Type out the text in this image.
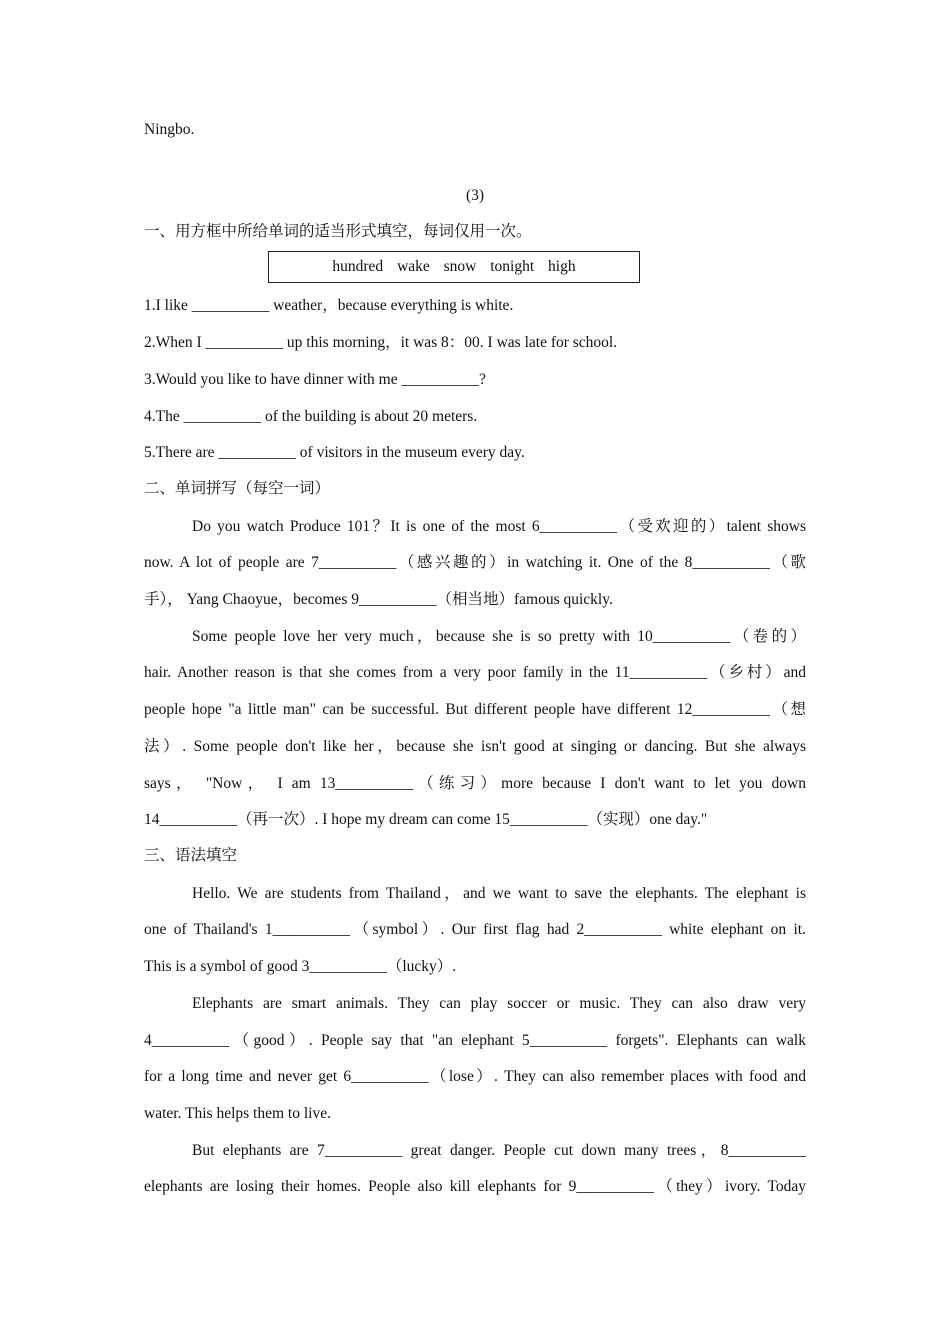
Ningbo.
(3)
一、用方框中所给单词的适当形式填空，每词仅用一次。
hundred wake snow tonight high
1.I like __________ weather，because everything is white.
2.When I __________ up this morning，it was 8：00. I was late for school.
3.Would you like to have dinner with me __________?
4.The __________ of the building is about 20 meters.
5.There are __________ of visitors in the museum every day.
二、单词拼写（每空一词）
Do you watch Produce 101？It is one of the most 6__________（受欢迎的）talent shows
now. A lot of people are 7__________（感兴趣的）in watching it. One of the 8__________（歌
手）， Yang Chaoyue，becomes 9__________（相当地）famous quickly.
Some people love her very much，because she is so pretty with 10__________（卷的）
hair. Another reason is that she comes from a very poor family in the 11__________（乡村）and
people hope "a little man" can be successful. But different people have different 12__________（想
法）. Some people don't like her，because she isn't good at singing or dancing. But she always
says， "Now， I am 13__________（练习）more because I don't want to let you down
14__________（再一次）. I hope my dream can come 15__________（实现）one day."
三、语法填空
Hello. We are students from Thailand，and we want to save the elephants. The elephant is
one of Thailand's 1__________（symbol）. Our first flag had 2__________ white elephant on it.
This is a symbol of good 3__________（lucky）.
Elephants are smart animals. They can play soccer or music. They can also draw very
4__________（good）. People say that "an elephant 5__________ forgets". Elephants can walk
for a long time and never get 6__________（lose）. They can also remember places with food and
water. This helps them to live.
But elephants are 7__________ great danger. People cut down many trees，8__________
elephants are losing their homes. People also kill elephants for 9__________（they）ivory. Today
